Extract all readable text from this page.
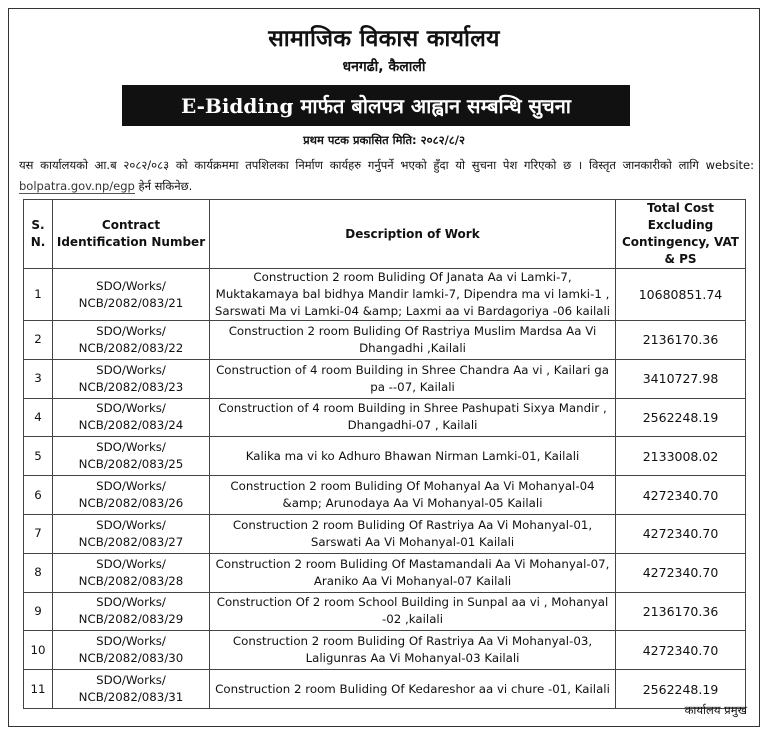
सामाजिक विकास कार्यालय
धनगढी, कैलाली
E-Bidding मार्फत बोलपत्र आह्वान सम्बन्धि सुचना
प्रथम पटक प्रकासित मिति: २०८२/८/२
यस कार्यालयको आ.ब २०८२/०८३ को कार्यक्रममा तपशिलका निर्माण कार्यहरु गर्नुपर्ने भएको हुँदा यो सुचना पेश गरिएको छ । विस्तृत जानकारीको लागि website: bolpatra.gov.np/egp हेर्न सकिनेछ.
S. N.	Contract Identification Number	Description of Work	Total Cost Excluding Contingency, VAT & PS
1	SDO/Works/ NCB/2082/083/21	Construction 2 room Buliding Of Janata Aa vi Lamki-7, Muktakamaya bal bidhya Mandir lamki-7, Dipendra ma vi lamki-1 , Sarswati Ma vi Lamki-04 &amp; Laxmi aa vi Bardagoriya -06 kailali	10680851.74
2	SDO/Works/ NCB/2082/083/22	Construction 2 room Buliding Of Rastriya Muslim Mardsa Aa Vi Dhangadhi ,Kailali	2136170.36
3	SDO/Works/ NCB/2082/083/23	Construction of 4 room Building in Shree Chandra Aa vi , Kailari ga pa --07, Kailali	3410727.98
4	SDO/Works/ NCB/2082/083/24	Construction of 4 room Building in Shree Pashupati Sixya Mandir , Dhangadhi-07 , Kailali	2562248.19
5	SDO/Works/ NCB/2082/083/25	Kalika ma vi ko Adhuro Bhawan Nirman Lamki-01, Kailali	2133008.02
6	SDO/Works/ NCB/2082/083/26	Construction 2 room Buliding Of Mohanyal Aa Vi Mohanyal-04 &amp; Arunodaya Aa Vi Mohanyal-05 Kailali	4272340.70
7	SDO/Works/ NCB/2082/083/27	Construction 2 room Buliding Of Rastriya Aa Vi Mohanyal-01, Sarswati Aa Vi Mohanyal-01 Kailali	4272340.70
8	SDO/Works/ NCB/2082/083/28	Construction 2 room Buliding Of Mastamandali Aa Vi Mohanyal-07, Araniko Aa Vi Mohanyal-07 Kailali	4272340.70
9	SDO/Works/ NCB/2082/083/29	Construction Of 2 room School Building in Sunpal aa vi , Mohanyal -02 ,kailali	2136170.36
10	SDO/Works/ NCB/2082/083/30	Construction 2 room Buliding Of Rastriya Aa Vi Mohanyal-03, Laligunras Aa Vi Mohanyal-03 Kailali	4272340.70
11	SDO/Works/ NCB/2082/083/31	Construction 2 room Buliding Of Kedareshor aa vi chure -01, Kailali	2562248.19
कार्यालय प्रमुख
